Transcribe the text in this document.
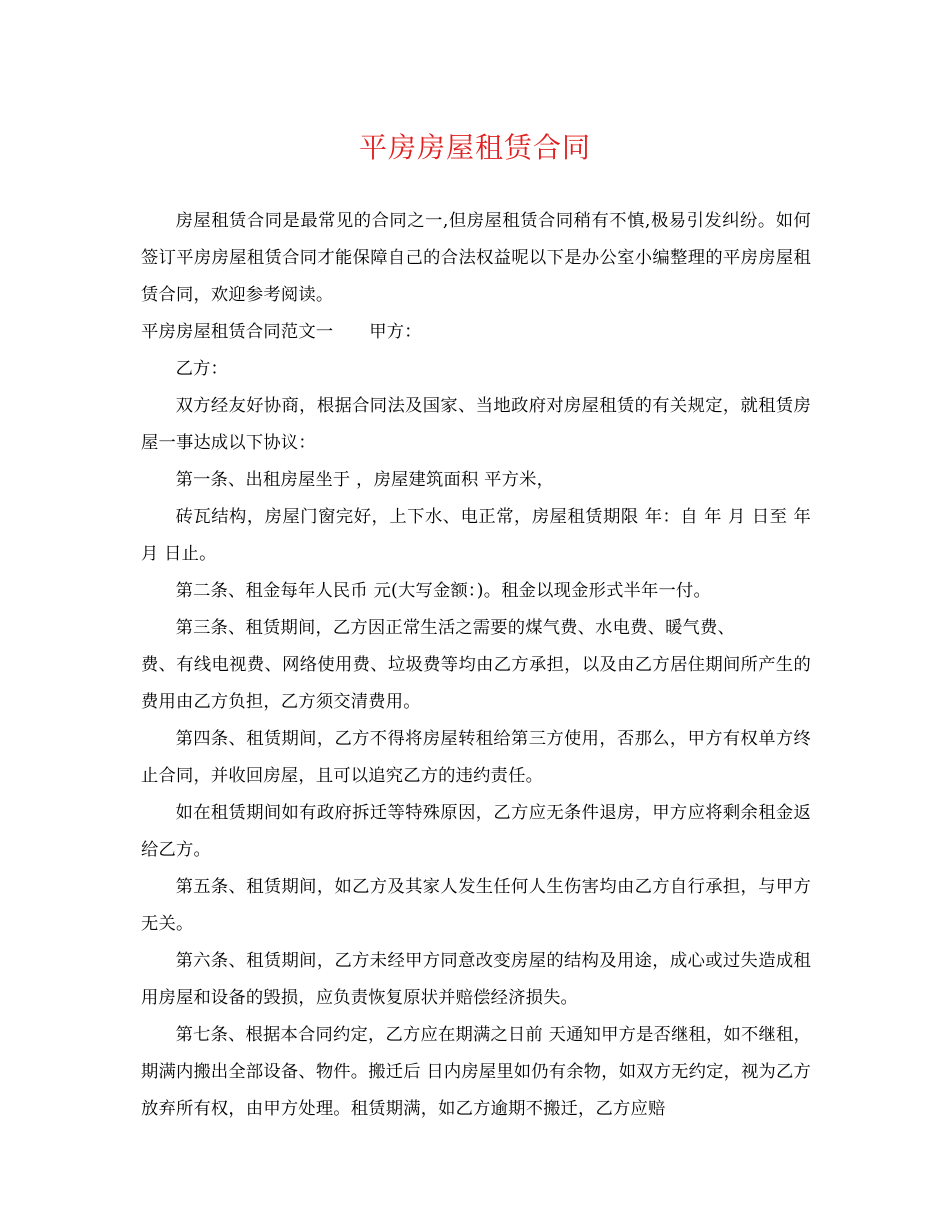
平房房屋租赁合同

房屋租赁合同是最常见的合同之一,但房屋租赁合同稍有不慎,极易引发纠纷。如何签订平房房屋租赁合同才能保障自己的合法权益呢以下是办公室小编整理的平房房屋租赁合同，欢迎参考阅读。

平房房屋租赁合同范文一 甲方：

乙方：

双方经友好协商，根据合同法及国家、当地政府对房屋租赁的有关规定，就租赁房屋一事达成以下协议：

第一条、出租房屋坐于 ，房屋建筑面积 平方米，

砖瓦结构，房屋门窗完好，上下水、电正常，房屋租赁期限 年：自 年 月 日至 年 月 日止。

第二条、租金每年人民币 元(大写金额：)。租金以现金形式半年一付。

第三条、租赁期间，乙方因正常生活之需要的煤气费、水电费、暖气费、

费、有线电视费、网络使用费、垃圾费等均由乙方承担，以及由乙方居住期间所产生的费用由乙方负担，乙方须交清费用。

第四条、租赁期间，乙方不得将房屋转租给第三方使用，否那么，甲方有权单方终止合同，并收回房屋，且可以追究乙方的违约责任。

如在租赁期间如有政府拆迁等特殊原因，乙方应无条件退房，甲方应将剩余租金返给乙方。

第五条、租赁期间，如乙方及其家人发生任何人生伤害均由乙方自行承担，与甲方无关。

第六条、租赁期间，乙方未经甲方同意改变房屋的结构及用途，成心或过失造成租用房屋和设备的毁损，应负责恢复原状并赔偿经济损失。

第七条、根据本合同约定，乙方应在期满之日前 天通知甲方是否继租，如不继租，期满内搬出全部设备、物件。搬迁后 日内房屋里如仍有余物，如双方无约定，视为乙方放弃所有权，由甲方处理。租赁期满，如乙方逾期不搬迁，乙方应赔
